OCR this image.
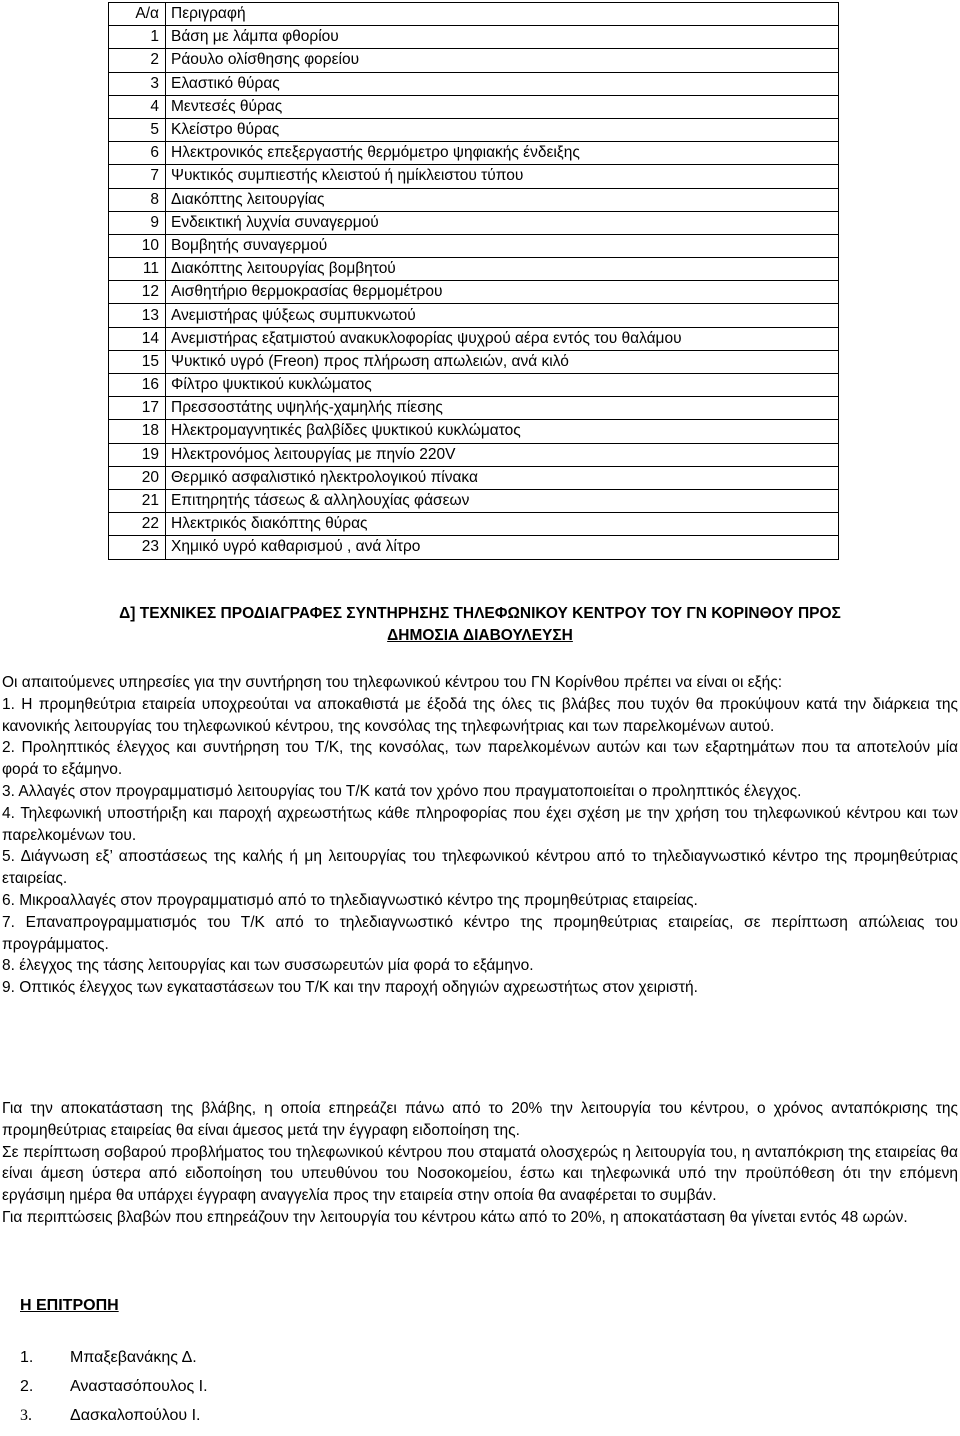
Α/α	Περιγραφή
1	Βάση με λάμπα φθορίου
2	Ράουλο ολίσθησης φορείου
3	Ελαστικό θύρας
4	Μεντεσές θύρας
5	Κλείστρο θύρας
6	Ηλεκτρονικός επεξεργαστής θερμόμετρο ψηφιακής ένδειξης
7	Ψυκτικός συμπιεστής κλειστού ή ημίκλειστου τύπου
8	Διακόπτης λειτουργίας
9	Ενδεικτική λυχνία συναγερμού
10	Βομβητής συναγερμού
11	Διακόπτης λειτουργίας βομβητού
12	Αισθητήριο θερμοκρασίας θερμομέτρου
13	Ανεμιστήρας ψύξεως συμπυκνωτού
14	Ανεμιστήρας εξατμιστού ανακυκλοφορίας ψυχρού αέρα εντός του θαλάμου
15	Ψυκτικό υγρό (Freon) προς πλήρωση απωλειών, ανά κιλό
16	Φίλτρο ψυκτικού κυκλώματος
17	Πρεσσοστάτης υψηλής-χαμηλής πίεσης
18	Ηλεκτρομαγνητικές βαλβίδες ψυκτικού κυκλώματος
19	Ηλεκτρονόμος λειτουργίας με πηνίο 220V
20	Θερμικό ασφαλιστικό ηλεκτρολογικού πίνακα
21	Επιτηρητής τάσεως & αλληλουχίας φάσεων
22	Ηλεκτρικός διακόπτης θύρας
23	Χημικό υγρό καθαρισμού , ανά λίτρο
Δ] ΤΕΧΝΙΚΕΣ ΠΡΟΔΙΑΓΡΑΦΕΣ ΣΥΝΤΗΡΗΣΗΣ ΤΗΛΕΦΩΝΙΚΟΥ ΚΕΝΤΡΟΥ ΤΟΥ ΓΝ ΚΟΡΙΝΘΟΥ ΠΡΟΣ
ΔΗΜΟΣΙΑ ΔΙΑΒΟΥΛΕΥΣΗ

Οι απαιτούμενες υπηρεσίες για την συντήρηση του τηλεφωνικού κέντρου του ΓΝ Κορίνθου πρέπει να είναι οι εξής:

1. Η προμηθεύτρια εταιρεία υποχρεούται να αποκαθιστά με έξοδά της όλες τις βλάβες που τυχόν θα προκύψουν κατά την διάρκεια της κανονικής λειτουργίας του τηλεφωνικού κέντρου, της κονσόλας της τηλεφωνήτριας και των παρελκομένων αυτού.

2. Προληπτικός έλεγχος και συντήρηση του Τ/Κ, της κονσόλας, των παρελκομένων αυτών και των εξαρτημάτων που τα αποτελούν μία φορά το εξάμηνο.

3. Αλλαγές στον προγραμματισμό λειτουργίας του Τ/Κ κατά τον χρόνο που πραγματοποιείται ο προληπτικός έλεγχος.

4. Τηλεφωνική υποστήριξη και παροχή αχρεωστήτως κάθε πληροφορίας που έχει σχέση με την χρήση του τηλεφωνικού κέντρου και των παρελκομένων του.

5. Διάγνωση εξ’ αποστάσεως της καλής ή μη λειτουργίας του τηλεφωνικού κέντρου από το τηλεδιαγνωστικό κέντρο της προμηθεύτριας εταιρείας.

6. Μικροαλλαγές στον προγραμματισμό από το τηλεδιαγνωστικό κέντρο της προμηθεύτριας εταιρείας.

7. Επαναπρογραμματισμός του Τ/Κ από το τηλεδιαγνωστικό κέντρο της προμηθεύτριας εταιρείας, σε περίπτωση απώλειας του προγράμματος.

8. έλεγχος της τάσης λειτουργίας και των συσσωρευτών μία φορά το εξάμηνο.

9. Οπτικός έλεγχος των εγκαταστάσεων του Τ/Κ και την παροχή οδηγιών αχρεωστήτως στον χειριστή.

Για την αποκατάσταση της βλάβης, η οποία επηρεάζει πάνω από το 20% την λειτουργία του κέντρου, ο χρόνος ανταπόκρισης της προμηθεύτριας εταιρείας θα είναι άμεσος μετά την έγγραφη ειδοποίηση της.

Σε περίπτωση σοβαρού προβλήματος του τηλεφωνικού κέντρου που σταματά ολοσχερώς η λειτουργία του, η ανταπόκριση της εταιρείας θα είναι άμεση ύστερα από ειδοποίηση του υπευθύνου του Νοσοκομείου, έστω και τηλεφωνικά υπό την προϋπόθεση ότι την επόμενη εργάσιμη ημέρα θα υπάρχει έγγραφη αναγγελία προς την εταιρεία στην οποία θα αναφέρεται το συμβάν.

Για περιπτώσεις βλαβών που επηρεάζουν την λειτουργία του κέντρου κάτω από το 20%, η αποκατάσταση θα γίνεται εντός 48 ωρών.

Η ΕΠΙΤΡΟΠΗ
1.	Μπαξεβανάκης Δ.
2.	Αναστασόπουλος Ι.
3.	Δασκαλοπούλου Ι.
